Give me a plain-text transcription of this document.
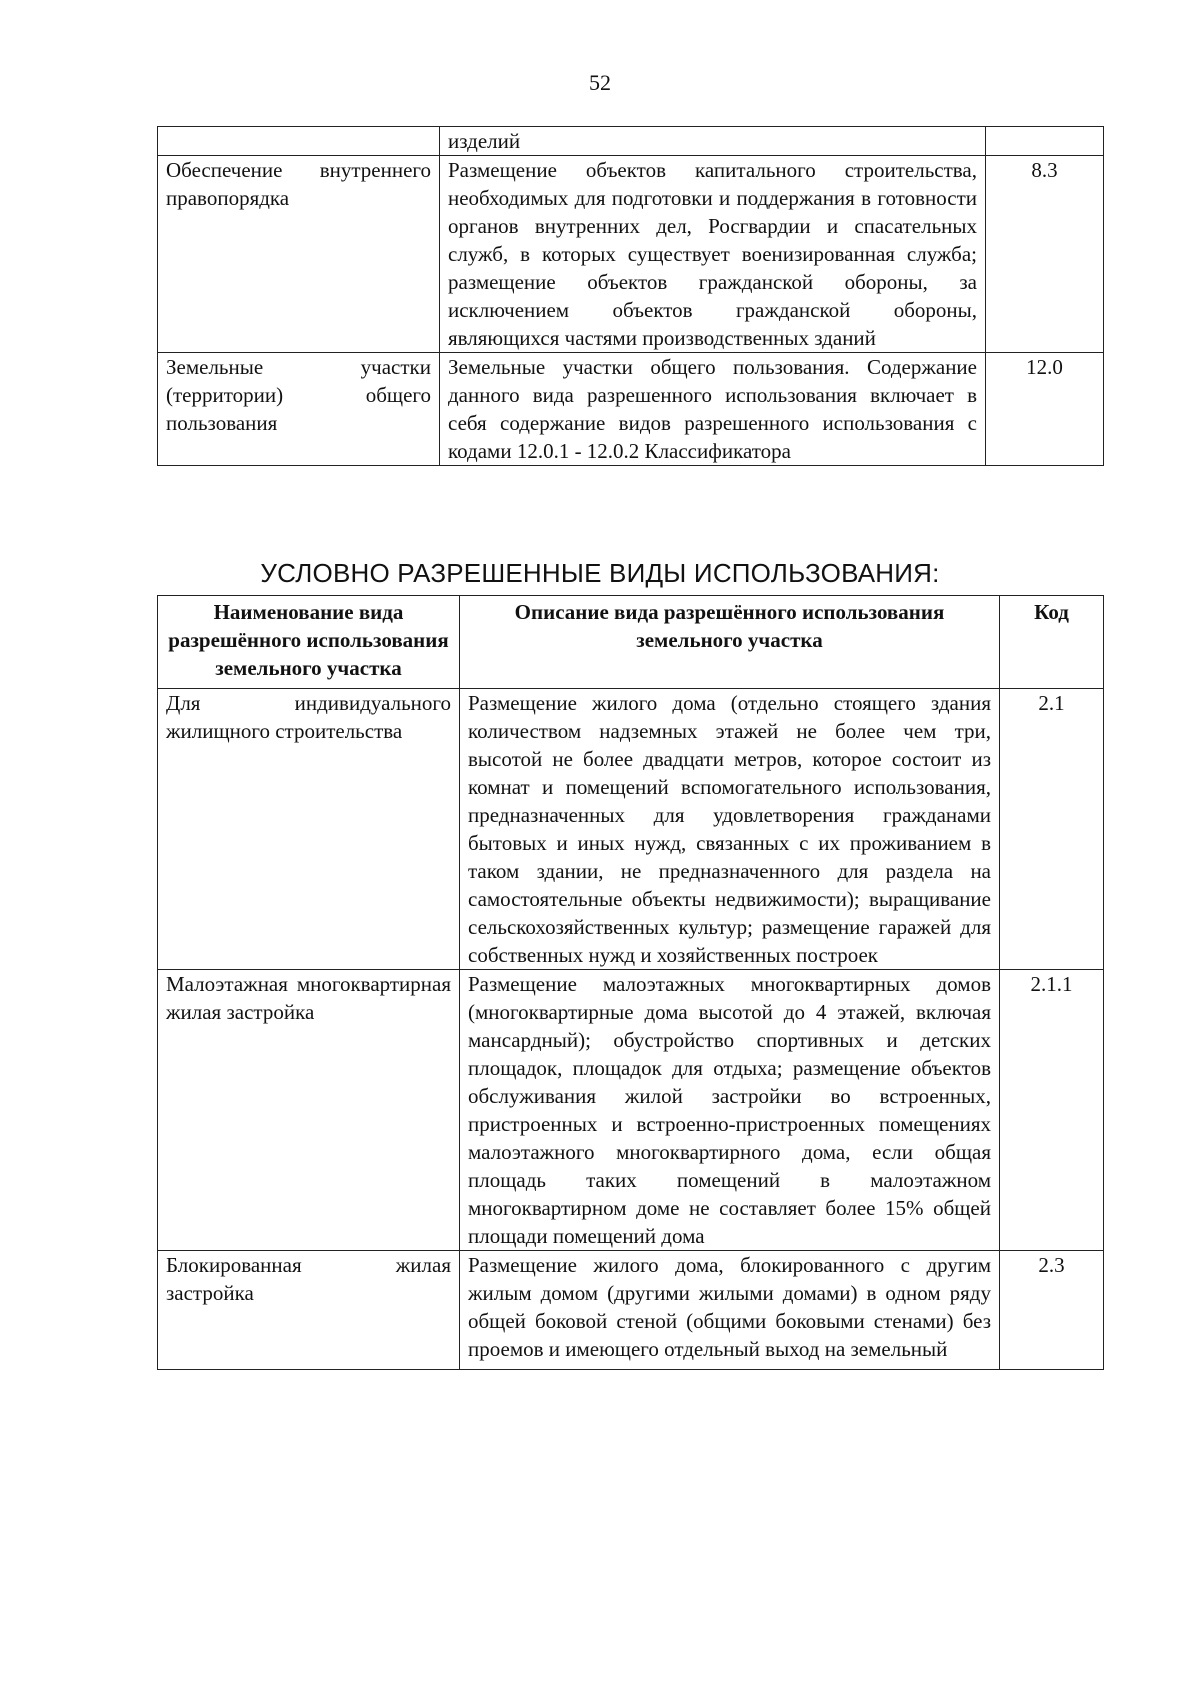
52
	изделий	
Обеспечение внутреннего правопорядка	Размещение объектов капитального строительства, необходимых для подготовки и поддержания в готовности органов внутренних дел, Росгвардии и спасательных служб, в которых существует военизированная служба; размещение объектов гражданской обороны, за исключением объектов гражданской обороны, являющихся частями производственных зданий	8.3
Земельные участки (территории) общего пользования	Земельные участки общего пользования. Содержание данного вида разрешенного использования включает в себя содержание видов разрешенного использования с кодами 12.0.1 - 12.0.2 Классификатора	12.0
УСЛОВНО РАЗРЕШЕННЫЕ ВИДЫ ИСПОЛЬЗОВАНИЯ:
Наименование вида разрешённого использования земельного участка	Описание вида разрешённого использования земельного участка	Код
Для индивидуального жилищного строительства	Размещение жилого дома (отдельно стоящего здания количеством надземных этажей не более чем три, высотой не более двадцати метров, которое состоит из комнат и помещений вспомогательного использования, предназначенных для удовлетворения гражданами бытовых и иных нужд, связанных с их проживанием в таком здании, не предназначенного для раздела на самостоятельные объекты недвижимости); выращивание сельскохозяйственных культур; размещение гаражей для собственных нужд и хозяйственных построек	2.1
Малоэтажная многоквартирная жилая застройка	Размещение малоэтажных многоквартирных домов (многоквартирные дома высотой до 4 этажей, включая мансардный); обустройство спортивных и детских площадок, площадок для отдыха; размещение объектов обслуживания жилой застройки во встроенных, пристроенных и встроенно-пристроенных помещениях малоэтажного многоквартирного дома, если общая площадь таких помещений в малоэтажном многоквартирном доме не составляет более 15% общей площади помещений дома	2.1.1
Блокированная жилая застройка	Размещение жилого дома, блокированного с другим жилым домом (другими жилыми домами) в одном ряду общей боковой стеной (общими боковыми стенами) без проемов и имеющего отдельный выход на земельный	2.3
